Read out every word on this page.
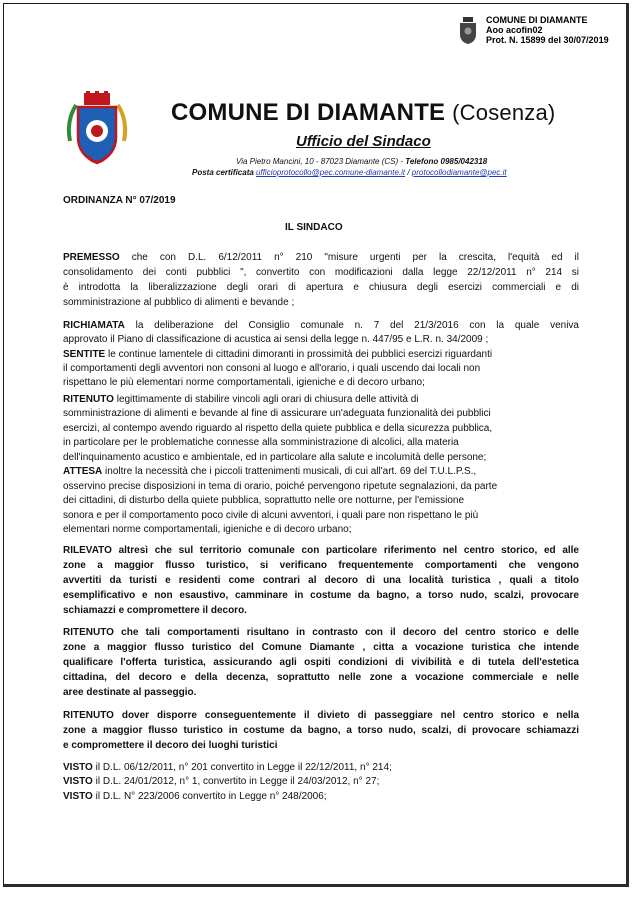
COMUNE DI DIAMANTE
Aoo acofin02
Prot. N. 15899 del 30/07/2019
COMUNE DI DIAMANTE (Cosenza)
Ufficio del Sindaco
Via Pietro Mancini, 10 - 87023 Diamante (CS) - Telefono 0985/042318
Posta certificata ufficioprotocollo@pec.comune-diamante.it / protocollodiamante@pec.it
ORDINANZA N° 07/2019
IL SINDACO
PREMESSO che con D.L. 6/12/2011 n° 210 "misure urgenti per la crescita, l'equità ed il
consolidamento dei conti pubblici ", convertito con modificazioni dalla legge 22/12/2011 n° 214 si
è introdotta la liberalizzazione degli orari di apertura e chiusura degli esercizi commerciali e di
somministrazione al pubblico di alimenti e bevande ;
RICHIAMATA la deliberazione del Consiglio comunale n. 7 del 21/3/2016 con la quale veniva
approvato il Piano di classificazione di acustica ai sensi della legge n. 447/95 e L.R. n. 34/2009 ;
SENTITE le continue lamentele di cittadini dimoranti in prossimità dei pubblici esercizi riguardanti
il comportamenti degli avventori non consoni al luogo e all'orario, i quali uscendo dai locali non
rispettano le più elementari norme comportamentali, igieniche e di decoro urbano;
RITENUTO legittimamente di stabilire vincoli agli orari di chiusura delle attività di
somministrazione di alimenti e bevande al fine di assicurare un'adeguata funzionalità dei pubblici
esercizi, al contempo avendo riguardo al rispetto della quiete pubblica e della sicurezza pubblica,
in particolare per le problematiche connesse alla somministrazione di alcolici, alla materia
dell'inquinamento acustico e ambientale, ed in particolare alla salute e incolumità delle persone;
ATTESA inoltre la necessità che i piccoli trattenimenti musicali, di cui all'art. 69 del T.U.L.P.S.,
osservino precise disposizioni in tema di orario, poiché pervengono ripetute segnalazioni, da parte
dei cittadini, di disturbo della quiete pubblica, soprattutto nelle ore notturne, per l'emissione
sonora e per il comportamento poco civile di alcuni avventori, i quali pare non rispettano le più
elementari norme comportamentali, igieniche e di decoro urbano;
RILEVATO altresì che sul territorio comunale con particolare riferimento nel centro storico, ed alle
zone a maggior flusso turistico, si verificano frequentemente comportamenti che vengono
avvertiti da turisti e residenti come contrari al decoro di una località turistica , quali a titolo
esemplificativo e non esaustivo, camminare in costume da bagno, a torso nudo, scalzi, provocare
schiamazzi e compromettere il decoro.
RITENUTO che tali comportamenti risultano in contrasto con il decoro del centro storico e delle
zone a maggior flusso turistico del Comune Diamante , citta a vocazione turistica che intende
qualificare l'offerta turistica, assicurando agli ospiti condizioni di vivibilità e di tutela dell'estetica
cittadina, del decoro e della decenza, soprattutto nelle zone a vocazione commerciale e nelle
aree destinate al passeggio.
RITENUTO dover disporre conseguentemente il divieto di passeggiare nel centro storico e nella
zone a maggior flusso turistico in costume da bagno, a torso nudo, scalzi, di provocare schiamazzi
e compromettere il decoro dei luoghi turistici
VISTO il D.L. 06/12/2011, n° 201 convertito in Legge il 22/12/2011, n° 214;
VISTO il D.L. 24/01/2012, n° 1, convertito in Legge il 24/03/2012, n° 27;
VISTO il D.L. N° 223/2006 convertito in Legge n° 248/2006;
